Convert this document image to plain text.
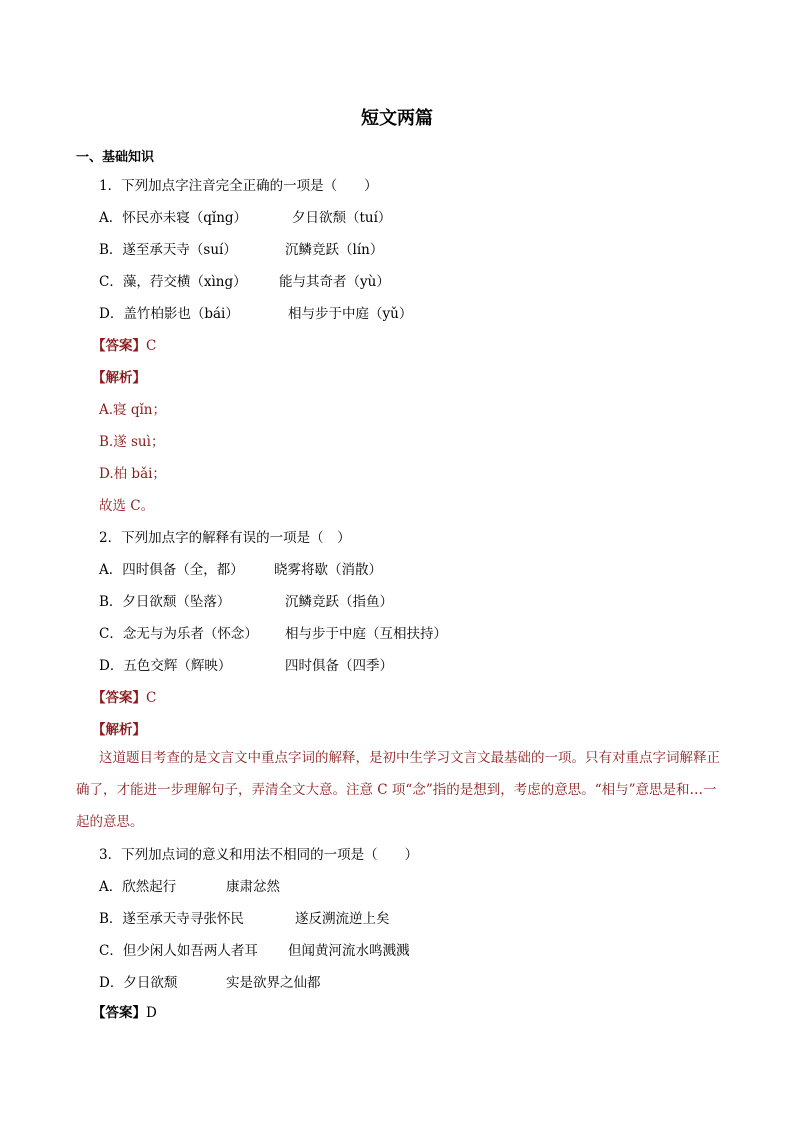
短文两篇
一、基础知识
1．下列加点字注音完全正确的一项是（　　）
A．怀民亦未寝（qǐng）	夕日欲颓（tuí）
B．遂至承天寺（suí）	沉鳞竞跃（lín）
C．藻，荇交横（xìng） 能与其奇者（yù）
D．盖竹柏影也（bái）	相与步于中庭（yǔ）
【答案】C
【解析】
A.寝 qǐn；
B.遂 suì；
D.柏 bǎi；
故选 C。
2．下列加点字的解释有误的一项是（　）
A．四时俱备（全，都） 晓雾将歇（消散）
B．夕日欲颓（坠落）	沉鳞竞跃（指鱼）
C．念无与为乐者（怀念） 相与步于中庭（互相扶持）
D．五色交辉（辉映）	四时俱备（四季）
【答案】C
【解析】
这道题目考查的是文言文中重点字词的解释，是初中生学习文言文最基础的一项。只有对重点字词解释正确了，才能进一步理解句子，弄清全文大意。注意 C 项“念”指的是想到，考虑的意思。“相与”意思是和…一起的意思。
3．下列加点词的意义和用法不相同的一项是（　　）
A．欣然起行	康肃忿然
B．遂至承天寺寻张怀民	遂反溯流逆上矣
C．但少闲人如吾两人者耳 但闻黄河流水鸣溅溅
D．夕日欲颓	实是欲界之仙都
【答案】D
